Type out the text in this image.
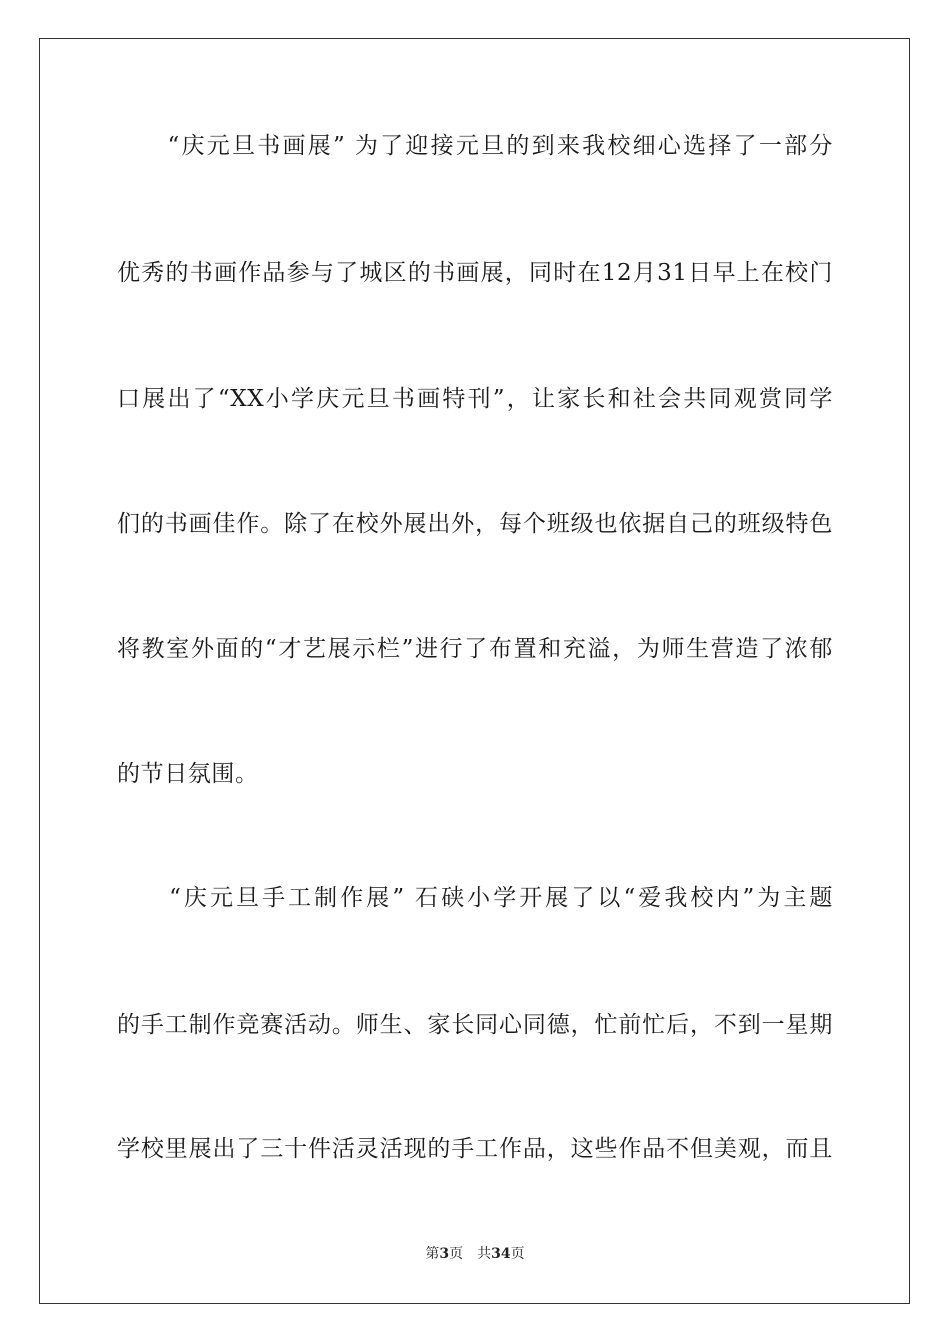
　　“庆元旦书画展” 为了迎接元旦的到来我校细心选择了一部分
优秀的书画作品参与了城区的书画展，同时在12月31日早上在校门
口展出了“XX小学庆元旦书画特刊”，让家长和社会共同观赏同学
们的书画佳作。除了在校外展出外，每个班级也依据自己的班级特色
将教室外面的“才艺展示栏”进行了布置和充溢，为师生营造了浓郁
的节日氛围。
　　“庆元旦手工制作展” 石硖小学开展了以“爱我校内”为主题
的手工制作竞赛活动。师生、家长同心同德，忙前忙后，不到一星期
学校里展出了三十件活灵活现的手工作品，这些作品不但美观，而且
第3页 共34页
